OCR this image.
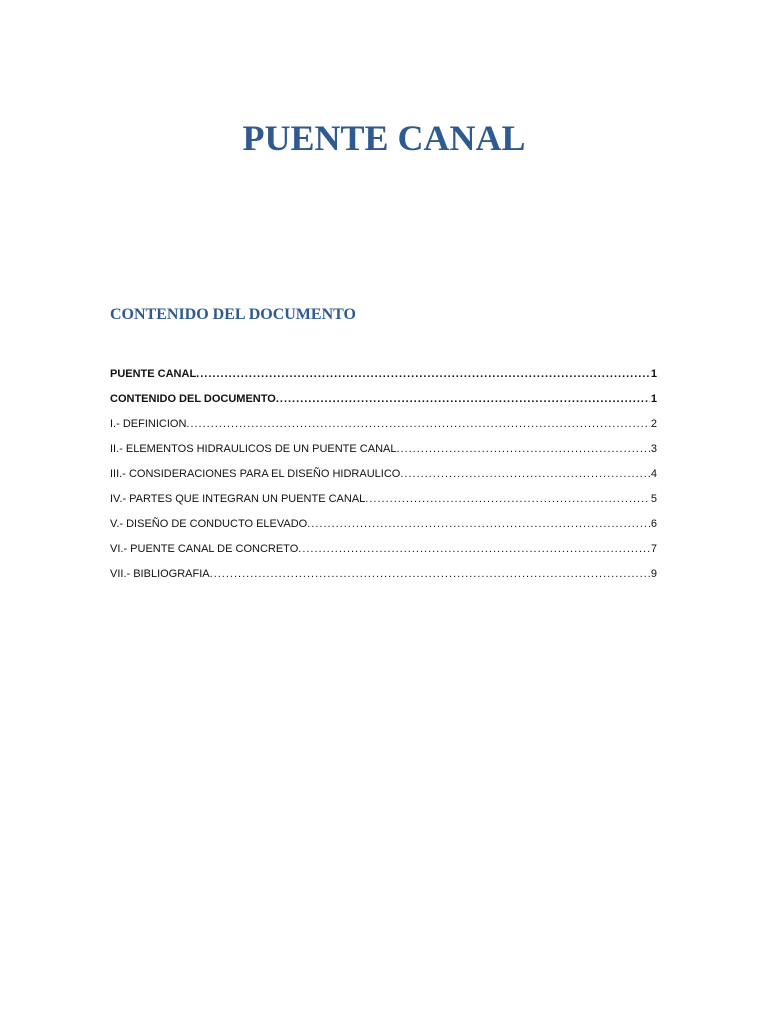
PUENTE CANAL
CONTENIDO DEL DOCUMENTO
PUENTE CANAL .....	1
CONTENIDO DEL DOCUMENTO .....	1
I.- DEFINICION .....	2
II.- ELEMENTOS HIDRAULICOS DE UN PUENTE CANAL .....	3
III.- CONSIDERACIONES PARA EL DISEÑO HIDRAULICO .....	4
IV.- PARTES QUE INTEGRAN UN PUENTE CANAL .....	5
V.- DISEÑO DE CONDUCTO ELEVADO .....	6
VI.- PUENTE CANAL DE CONCRETO .....	7
VII.- BIBLIOGRAFIA .....	9
